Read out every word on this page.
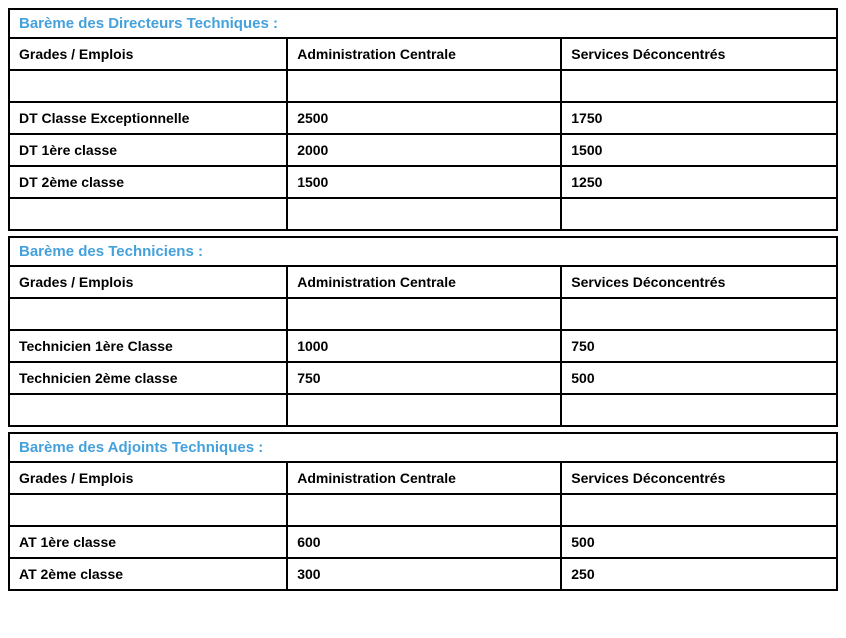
Barème des Directeurs Techniques :		
Grades / Emplois	Administration Centrale	Services Déconcentrés

DT Classe Exceptionnelle	2500	1750
DT 1ère classe	2000	1500
DT 2ème classe	1500	1250

Barème des Techniciens :		
Grades / Emplois	Administration Centrale	Services Déconcentrés

Technicien 1ère Classe	1000	750
Technicien 2ème classe	750	500

Barème des Adjoints Techniques :		
Grades / Emplois	Administration Centrale	Services Déconcentrés

AT 1ère classe	600	500
AT 2ème classe	300	250
